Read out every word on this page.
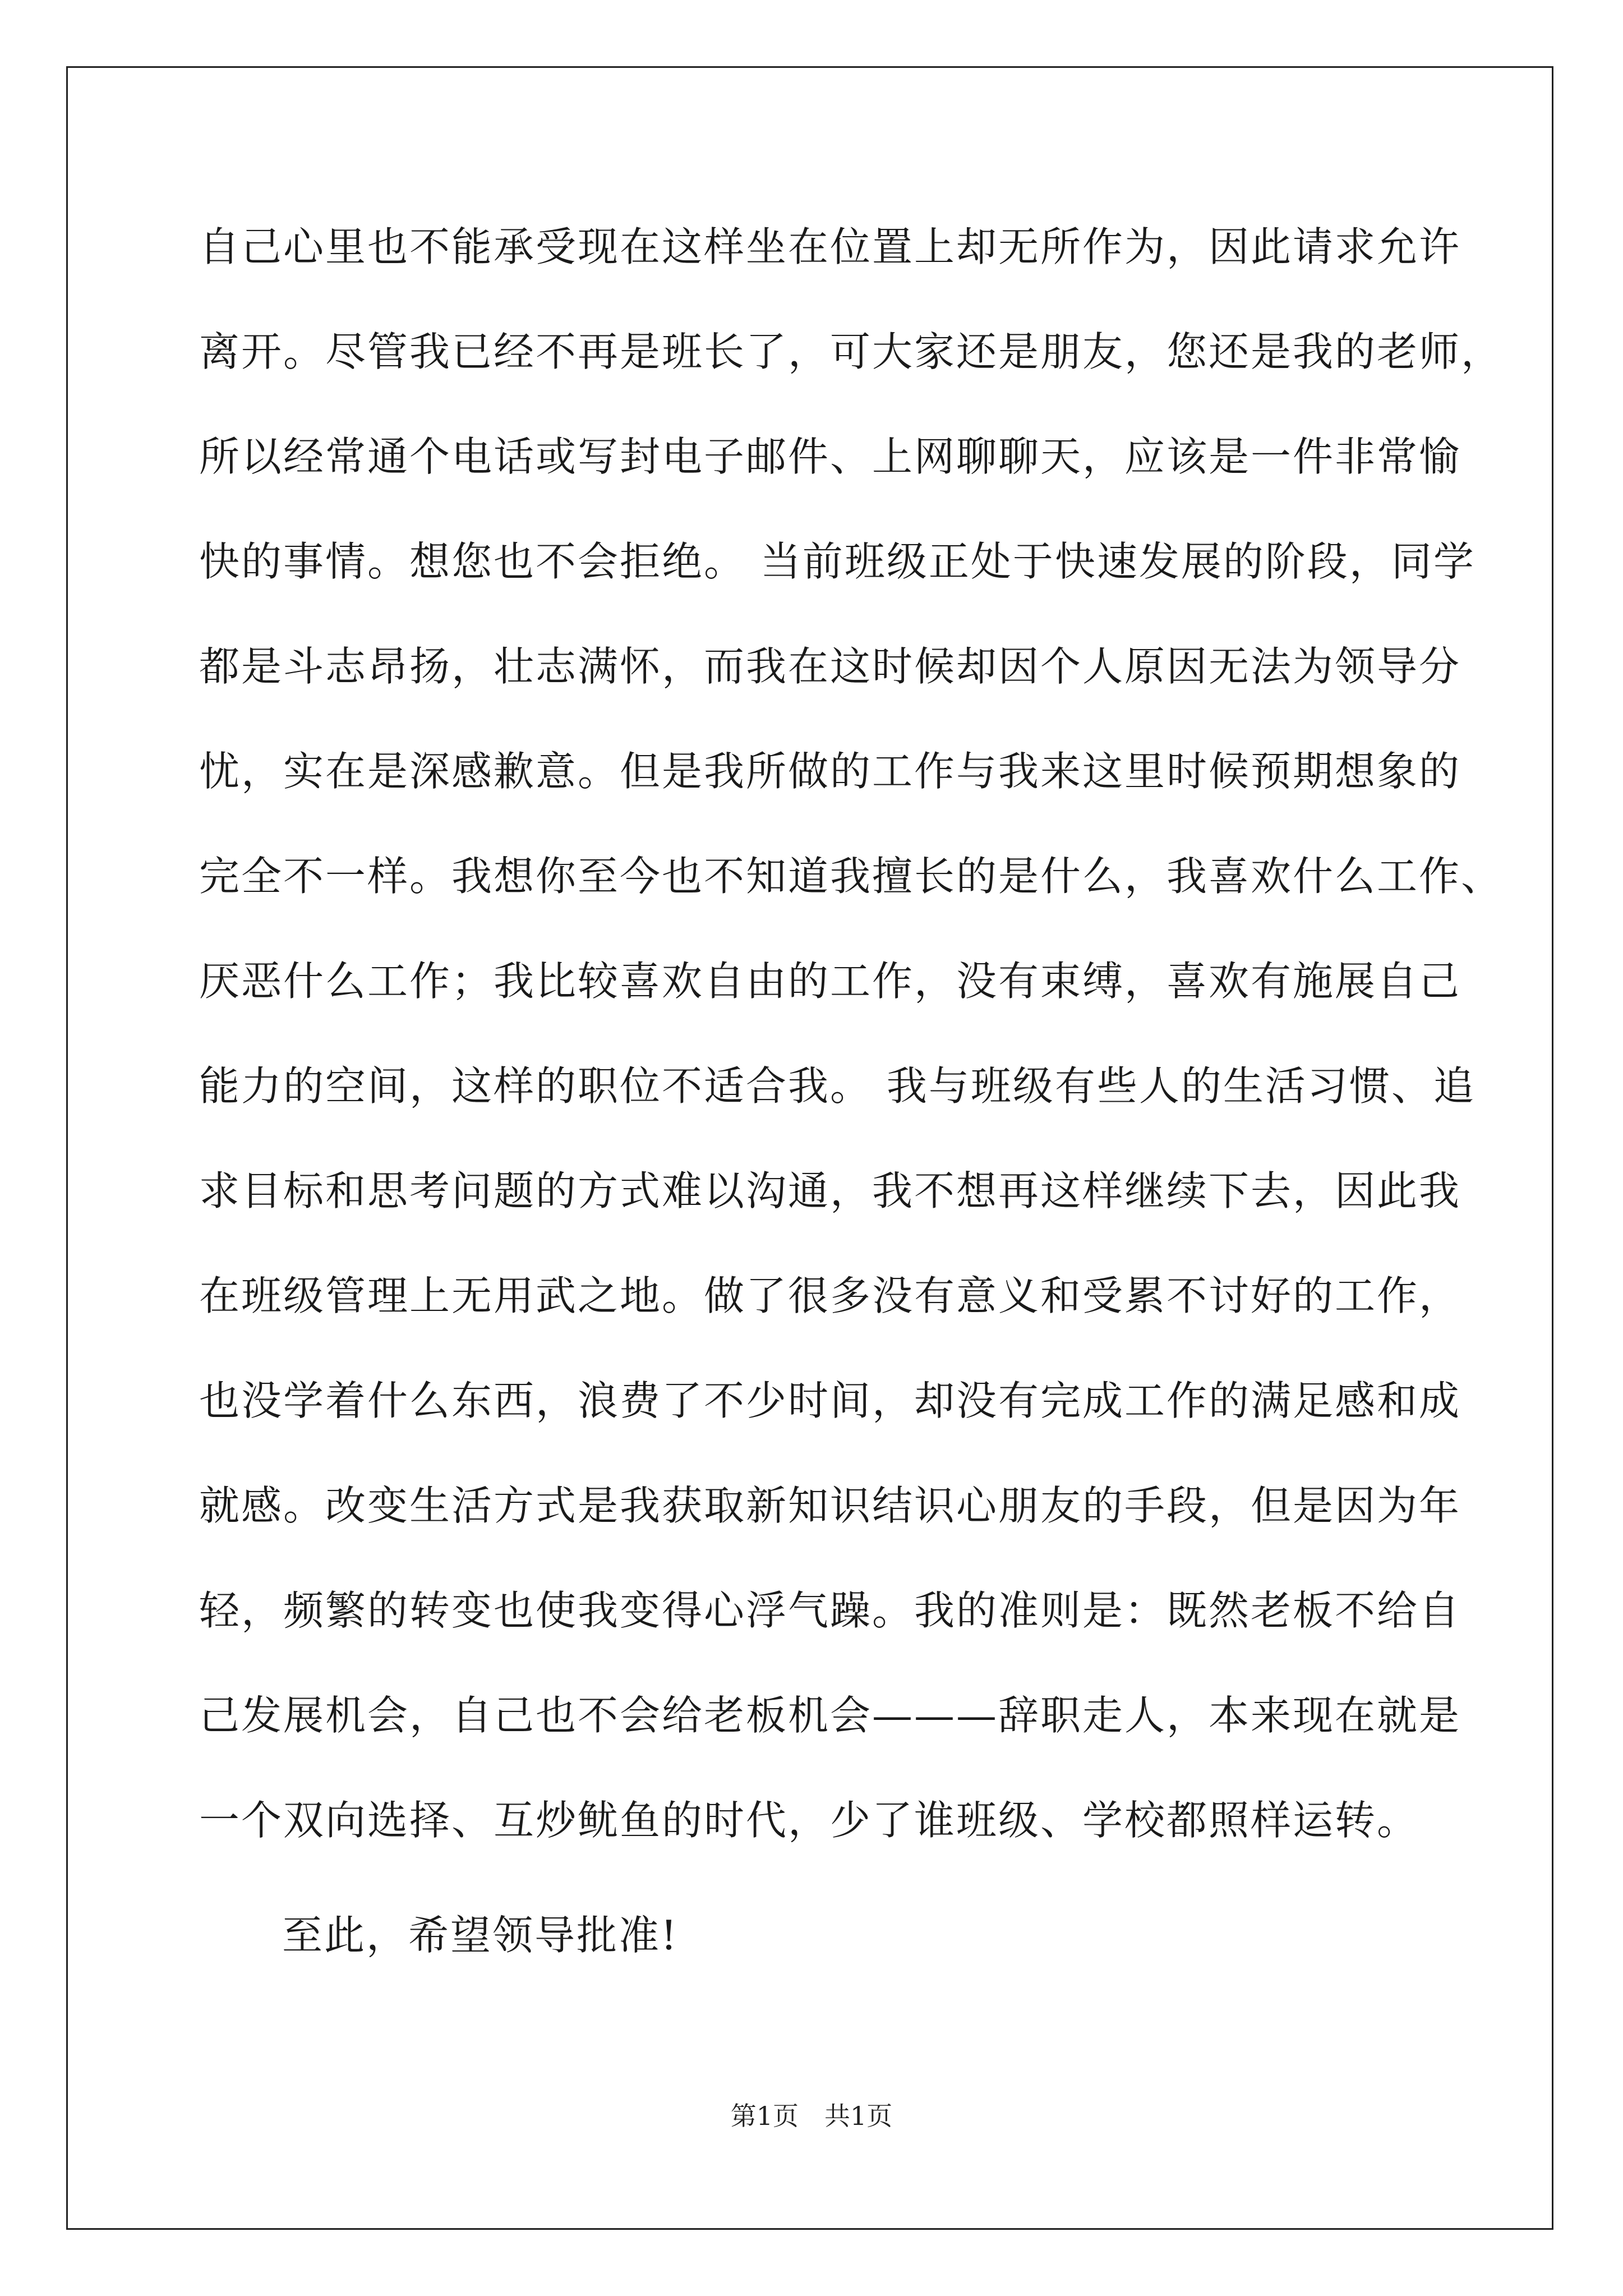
自己心里也不能承受现在这样坐在位置上却无所作为，因此请求允许
离开。尽管我已经不再是班长了，可大家还是朋友，您还是我的老师，
所以经常通个电话或写封电子邮件、上网聊聊天，应该是一件非常愉
快的事情。想您也不会拒绝。 当前班级正处于快速发展的阶段，同学
都是斗志昂扬，壮志满怀，而我在这时候却因个人原因无法为领导分
忧，实在是深感歉意。但是我所做的工作与我来这里时候预期想象的
完全不一样。我想你至今也不知道我擅长的是什么，我喜欢什么工作、
厌恶什么工作；我比较喜欢自由的工作，没有束缚，喜欢有施展自己
能力的空间，这样的职位不适合我。 我与班级有些人的生活习惯、追
求目标和思考问题的方式难以沟通，我不想再这样继续下去，因此我
在班级管理上无用武之地。做了很多没有意义和受累不讨好的工作，
也没学着什么东西，浪费了不少时间，却没有完成工作的满足感和成
就感。改变生活方式是我获取新知识结识心朋友的手段，但是因为年
轻，频繁的转变也使我变得心浮气躁。我的准则是：既然老板不给自
己发展机会，自己也不会给老板机会———辞职走人，本来现在就是
一个双向选择、互炒鱿鱼的时代，少了谁班级、学校都照样运转。
至此，希望领导批准!
第1页　共1页
